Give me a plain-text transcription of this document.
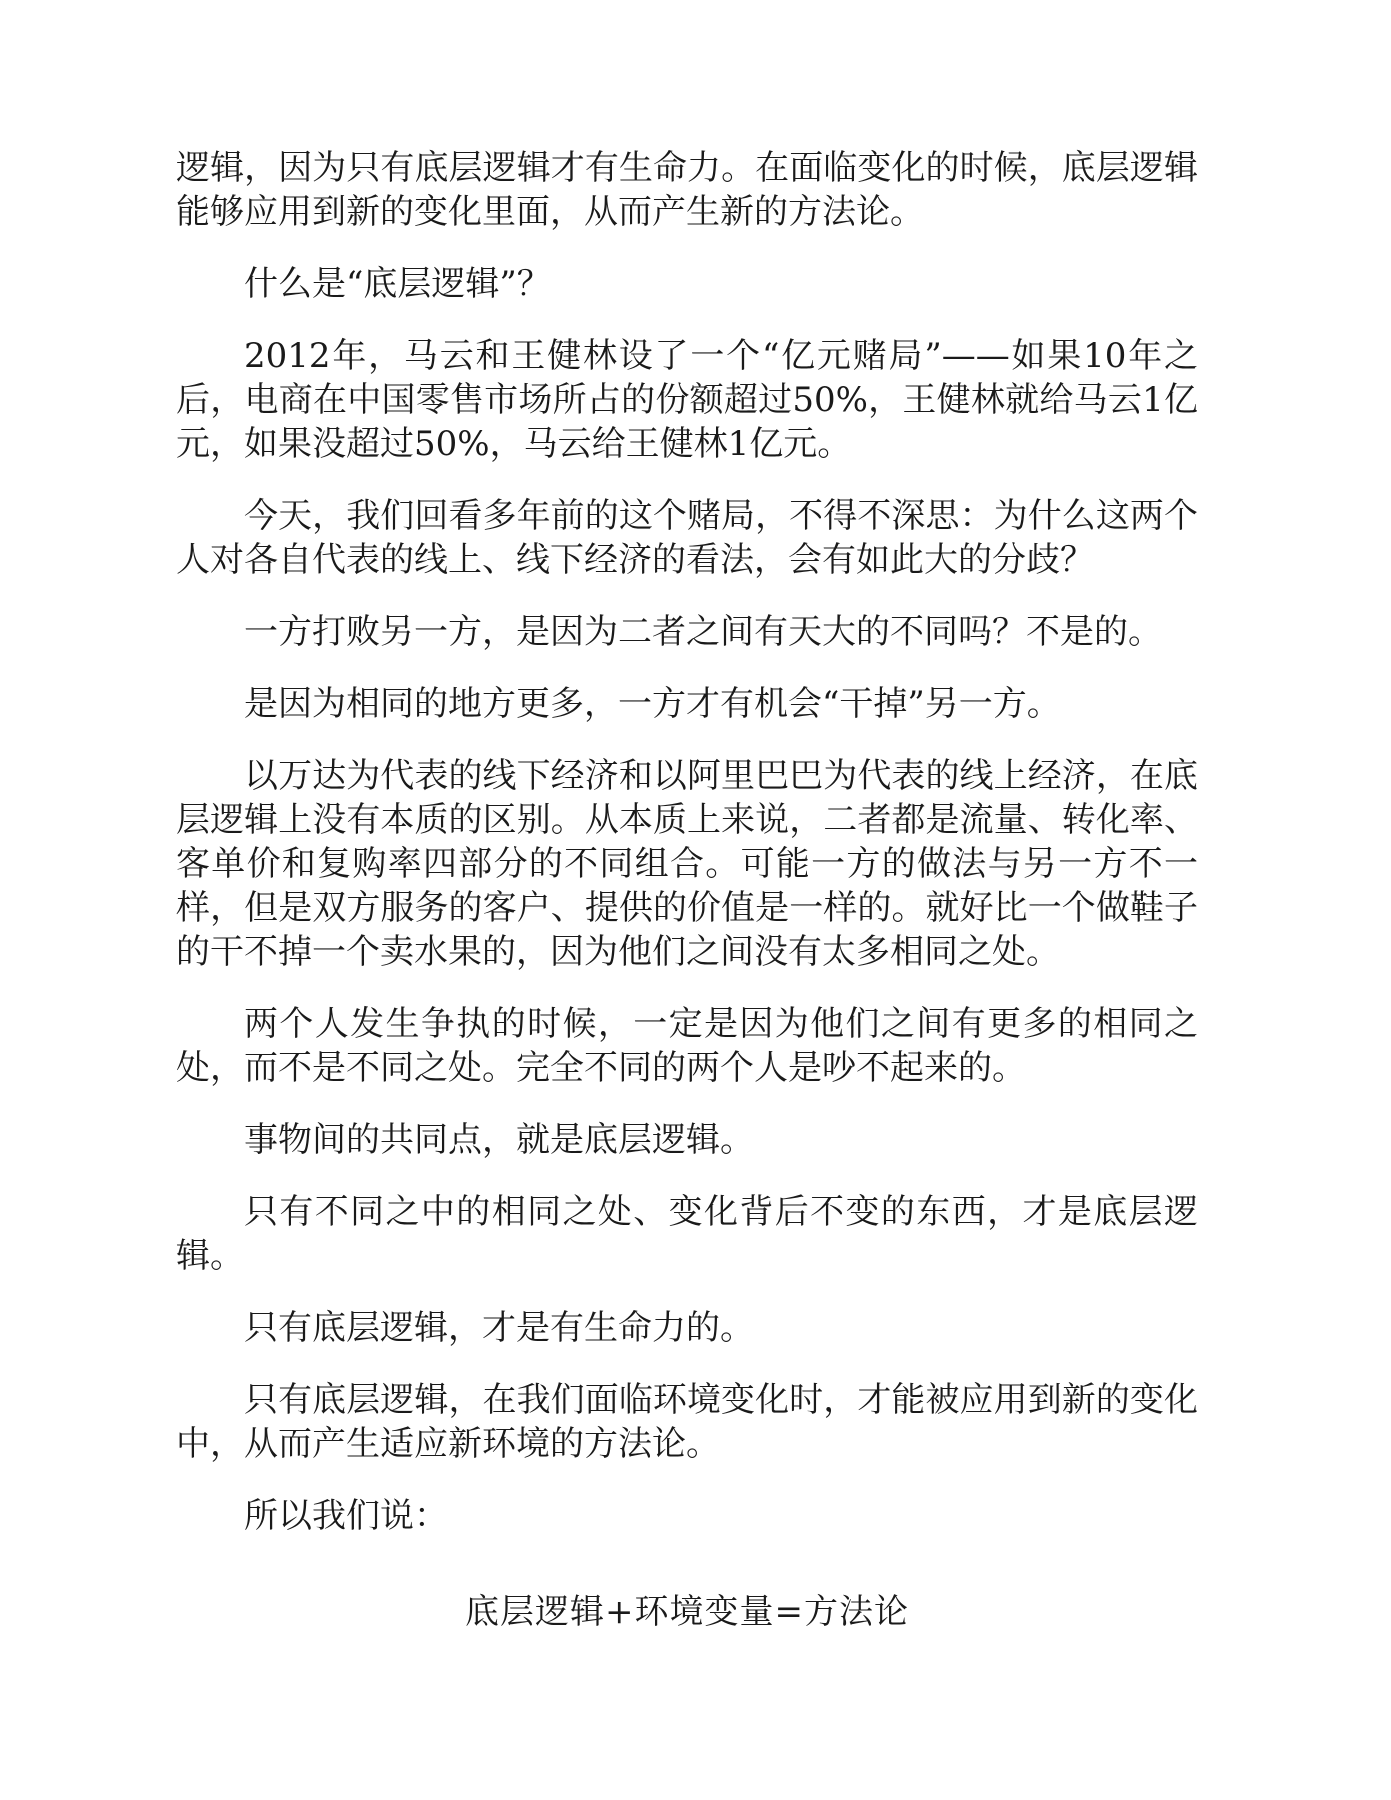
逻辑，因为只有底层逻辑才有生命力。在面临变化的时候，底层逻辑能够应用到新的变化里面，从而产生新的方法论。

什么是“底层逻辑”？

2012年，马云和王健林设了一个“亿元赌局”——如果10年之后，电商在中国零售市场所占的份额超过50%，王健林就给马云1亿元，如果没超过50%，马云给王健林1亿元。

今天，我们回看多年前的这个赌局，不得不深思：为什么这两个人对各自代表的线上、线下经济的看法，会有如此大的分歧？

一方打败另一方，是因为二者之间有天大的不同吗？不是的。

是因为相同的地方更多，一方才有机会“干掉”另一方。

以万达为代表的线下经济和以阿里巴巴为代表的线上经济，在底层逻辑上没有本质的区别。从本质上来说，二者都是流量、转化率、客单价和复购率四部分的不同组合。可能一方的做法与另一方不一样，但是双方服务的客户、提供的价值是一样的。就好比一个做鞋子的干不掉一个卖水果的，因为他们之间没有太多相同之处。

两个人发生争执的时候，一定是因为他们之间有更多的相同之处，而不是不同之处。完全不同的两个人是吵不起来的。

事物间的共同点，就是底层逻辑。

只有不同之中的相同之处、变化背后不变的东西，才是底层逻辑。

只有底层逻辑，才是有生命力的。

只有底层逻辑，在我们面临环境变化时，才能被应用到新的变化中，从而产生适应新环境的方法论。

所以我们说：

底层逻辑+环境变量=方法论
